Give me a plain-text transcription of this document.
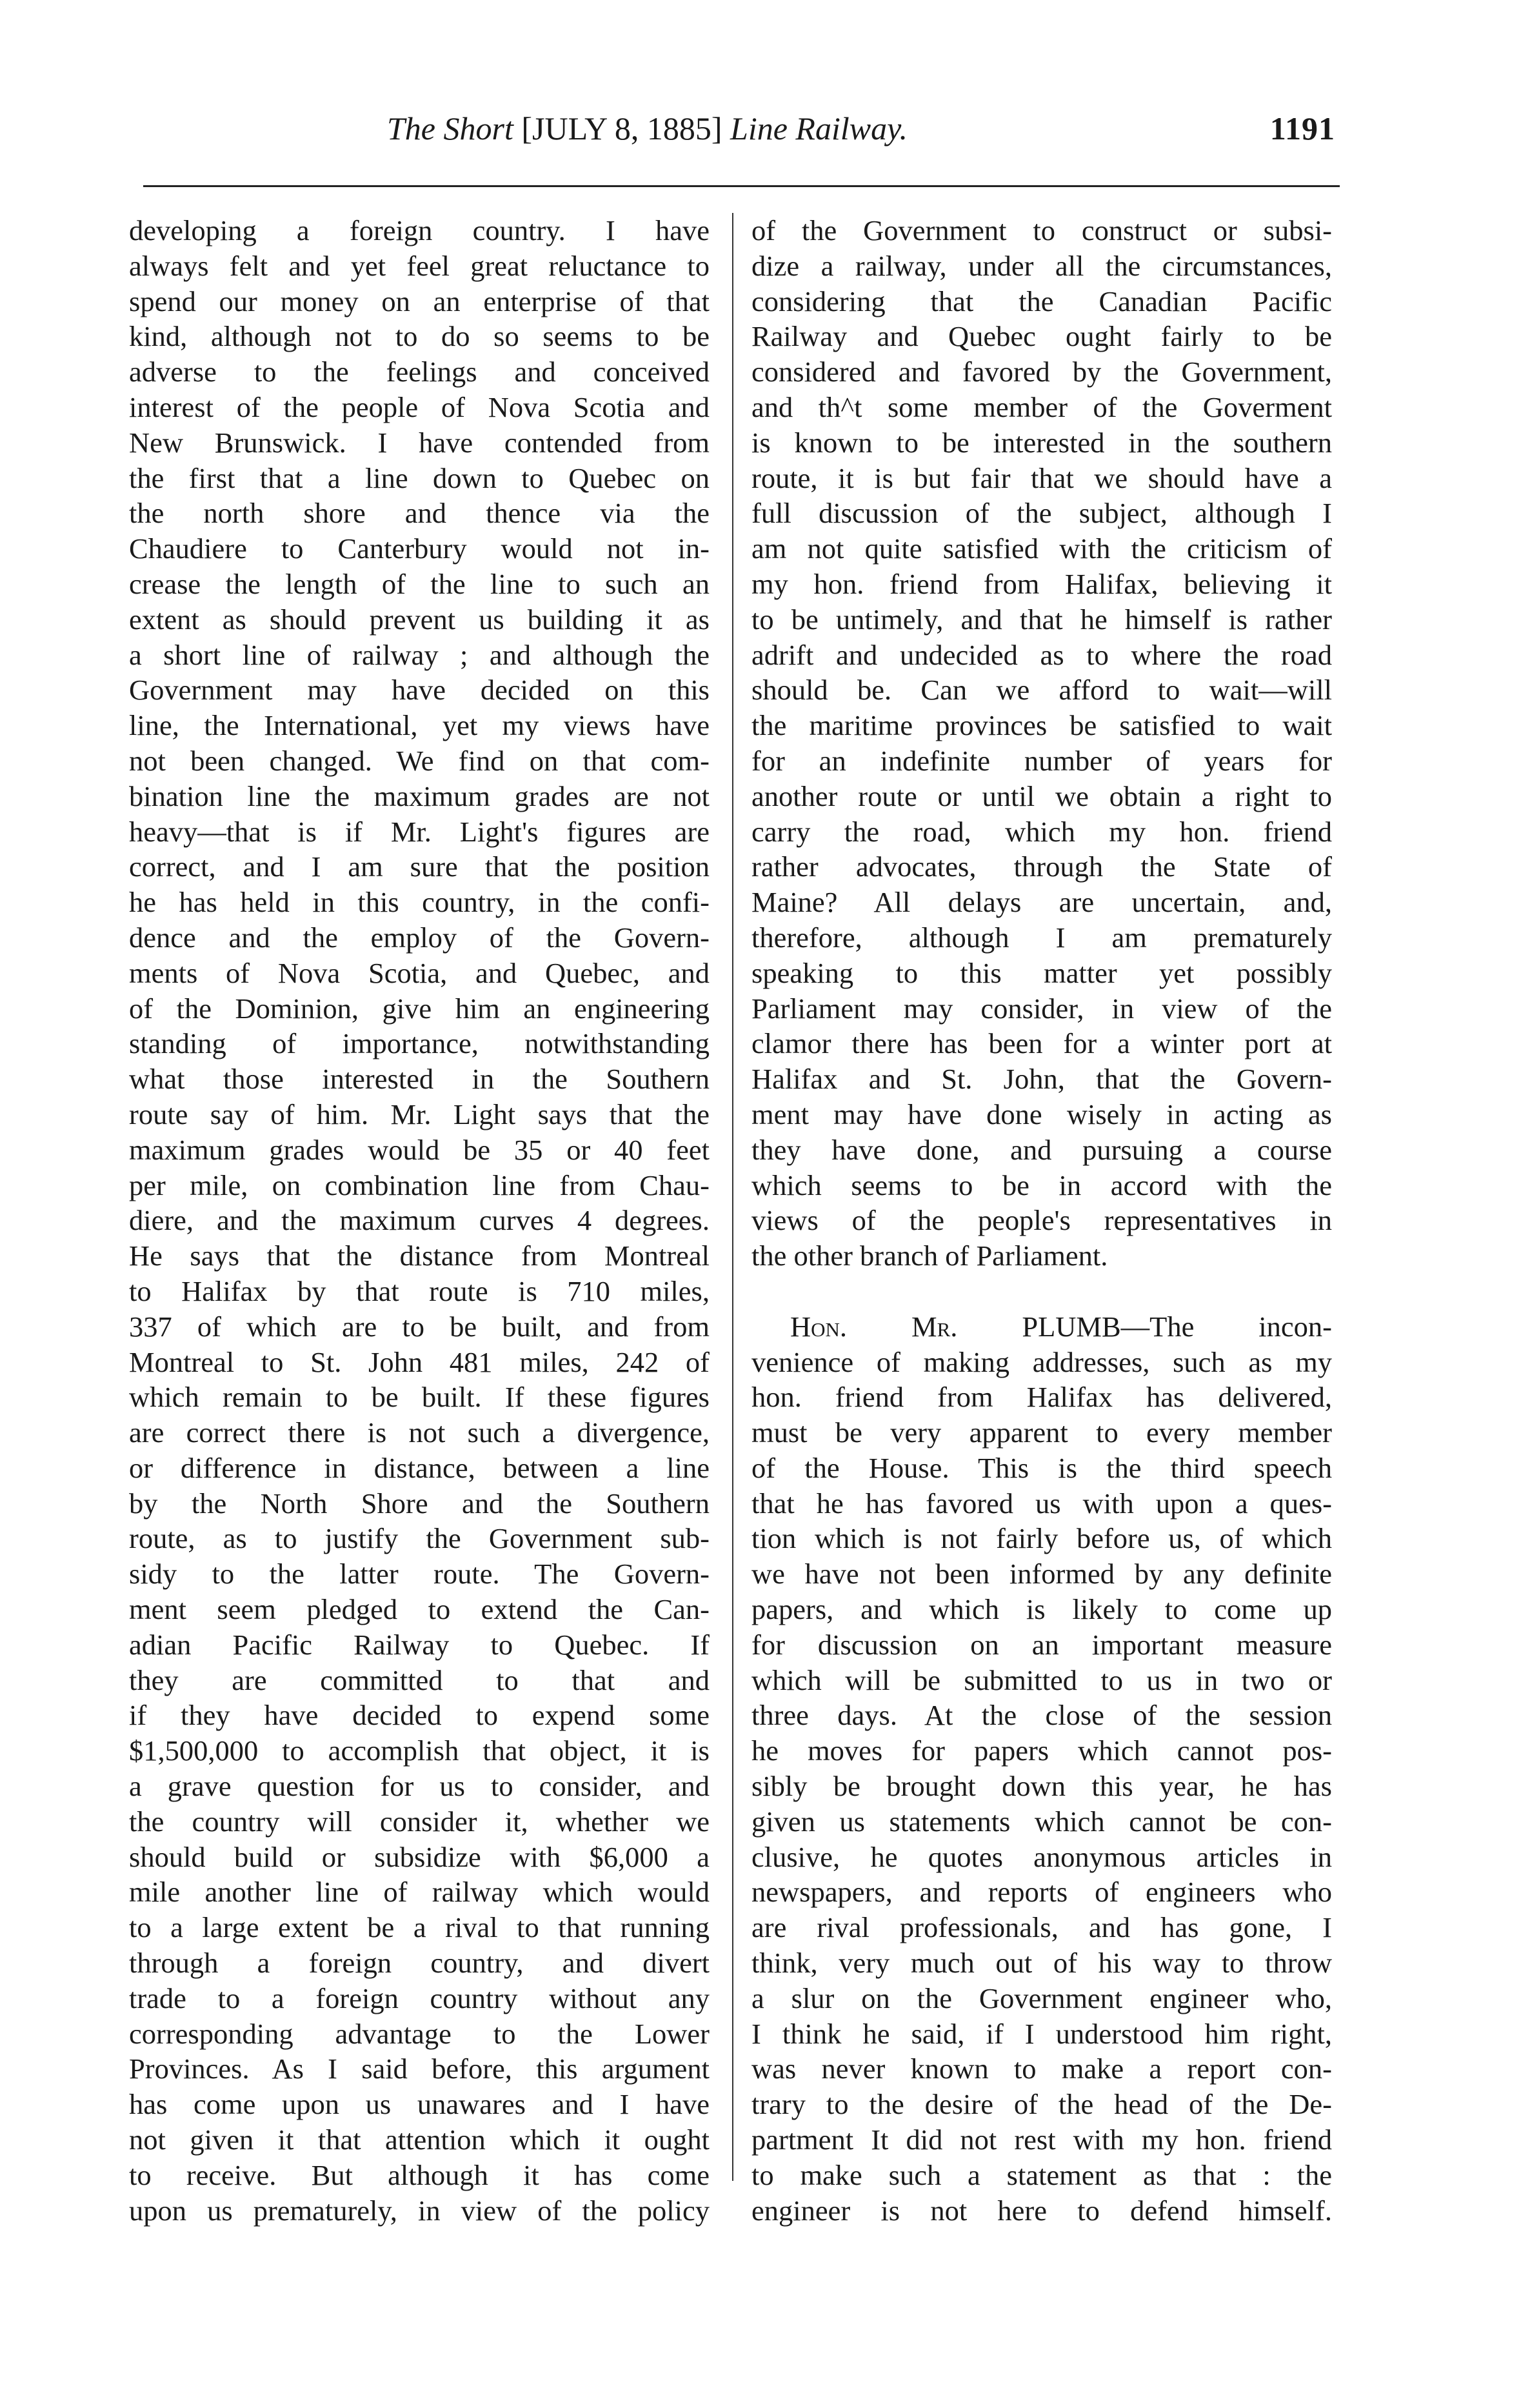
The Short [JULY 8, 1885] Line Railway.	1191
developing a foreign country. I have
always felt and yet feel great reluctance to
spend our money on an enterprise of that
kind, although not to do so seems to be
adverse to the feelings and conceived
interest of the people of Nova Scotia and
New Brunswick. I have contended from
the first that a line down to Quebec on
the north shore and thence via the
Chaudiere to Canterbury would not in-
crease the length of the line to such an
extent as should prevent us building it as
a short line of railway ; and although the
Government may have decided on this
line, the International, yet my views have
not been changed. We find on that com-
bination line the maximum grades are not
heavy—that is if Mr. Light's figures are
correct, and I am sure that the position
he has held in this country, in the confi-
dence and the employ of the Govern-
ments of Nova Scotia, and Quebec, and
of the Dominion, give him an engineering
standing of importance, notwithstanding
what those interested in the Southern
route say of him. Mr. Light says that the
maximum grades would be 35 or 40 feet
per mile, on combination line from Chau-
diere, and the maximum curves 4 degrees.
He says that the distance from Montreal
to Halifax by that route is 710 miles,
337 of which are to be built, and from
Montreal to St. John 481 miles, 242 of
which remain to be built. If these figures
are correct there is not such a divergence,
or difference in distance, between a line
by the North Shore and the Southern
route, as to justify the Government sub-
sidy to the latter route. The Govern-
ment seem pledged to extend the Can-
adian Pacific Railway to Quebec. If
they are committed to that and
if they have decided to expend some
$1,500,000 to accomplish that object, it is
a grave question for us to consider, and
the country will consider it, whether we
should build or subsidize with $6,000 a
mile another line of railway which would
to a large extent be a rival to that running
through a foreign country, and divert
trade to a foreign country without any
corresponding advantage to the Lower
Provinces. As I said before, this argument
has come upon us unawares and I have
not given it that attention which it ought
to receive. But although it has come
upon us prematurely, in view of the policy
of the Government to construct or subsi-
dize a railway, under all the circumstances,
considering that the Canadian Pacific
Railway and Quebec ought fairly to be
considered and favored by the Government,
and th^t some member of the Goverment
is known to be interested in the southern
route, it is but fair that we should have a
full discussion of the subject, although I
am not quite satisfied with the criticism of
my hon. friend from Halifax, believing it
to be untimely, and that he himself is rather
adrift and undecided as to where the road
should be. Can we afford to wait—will
the maritime provinces be satisfied to wait
for an indefinite number of years for
another route or until we obtain a right to
carry the road, which my hon. friend
rather advocates, through the State of
Maine? All delays are uncertain, and,
therefore, although I am prematurely
speaking to this matter yet possibly
Parliament may consider, in view of the
clamor there has been for a winter port at
Halifax and St. John, that the Govern-
ment may have done wisely in acting as
they have done, and pursuing a course
which seems to be in accord with the
views of the people's representatives in
the other branch of Parliament.
Hon. Mr. PLUMB—The incon-
venience of making addresses, such as my
hon. friend from Halifax has delivered,
must be very apparent to every member
of the House. This is the third speech
that he has favored us with upon a ques-
tion which is not fairly before us, of which
we have not been informed by any definite
papers, and which is likely to come up
for discussion on an important measure
which will be submitted to us in two or
three days. At the close of the session
he moves for papers which cannot pos-
sibly be brought down this year, he has
given us statements which cannot be con-
clusive, he quotes anonymous articles in
newspapers, and reports of engineers who
are rival professionals, and has gone, I
think, very much out of his way to throw
a slur on the Government engineer who,
I think he said, if I understood him right,
was never known to make a report con-
trary to the desire of the head of the De-
partment It did not rest with my hon. friend
to make such a statement as that : the
engineer is not here to defend himself.
